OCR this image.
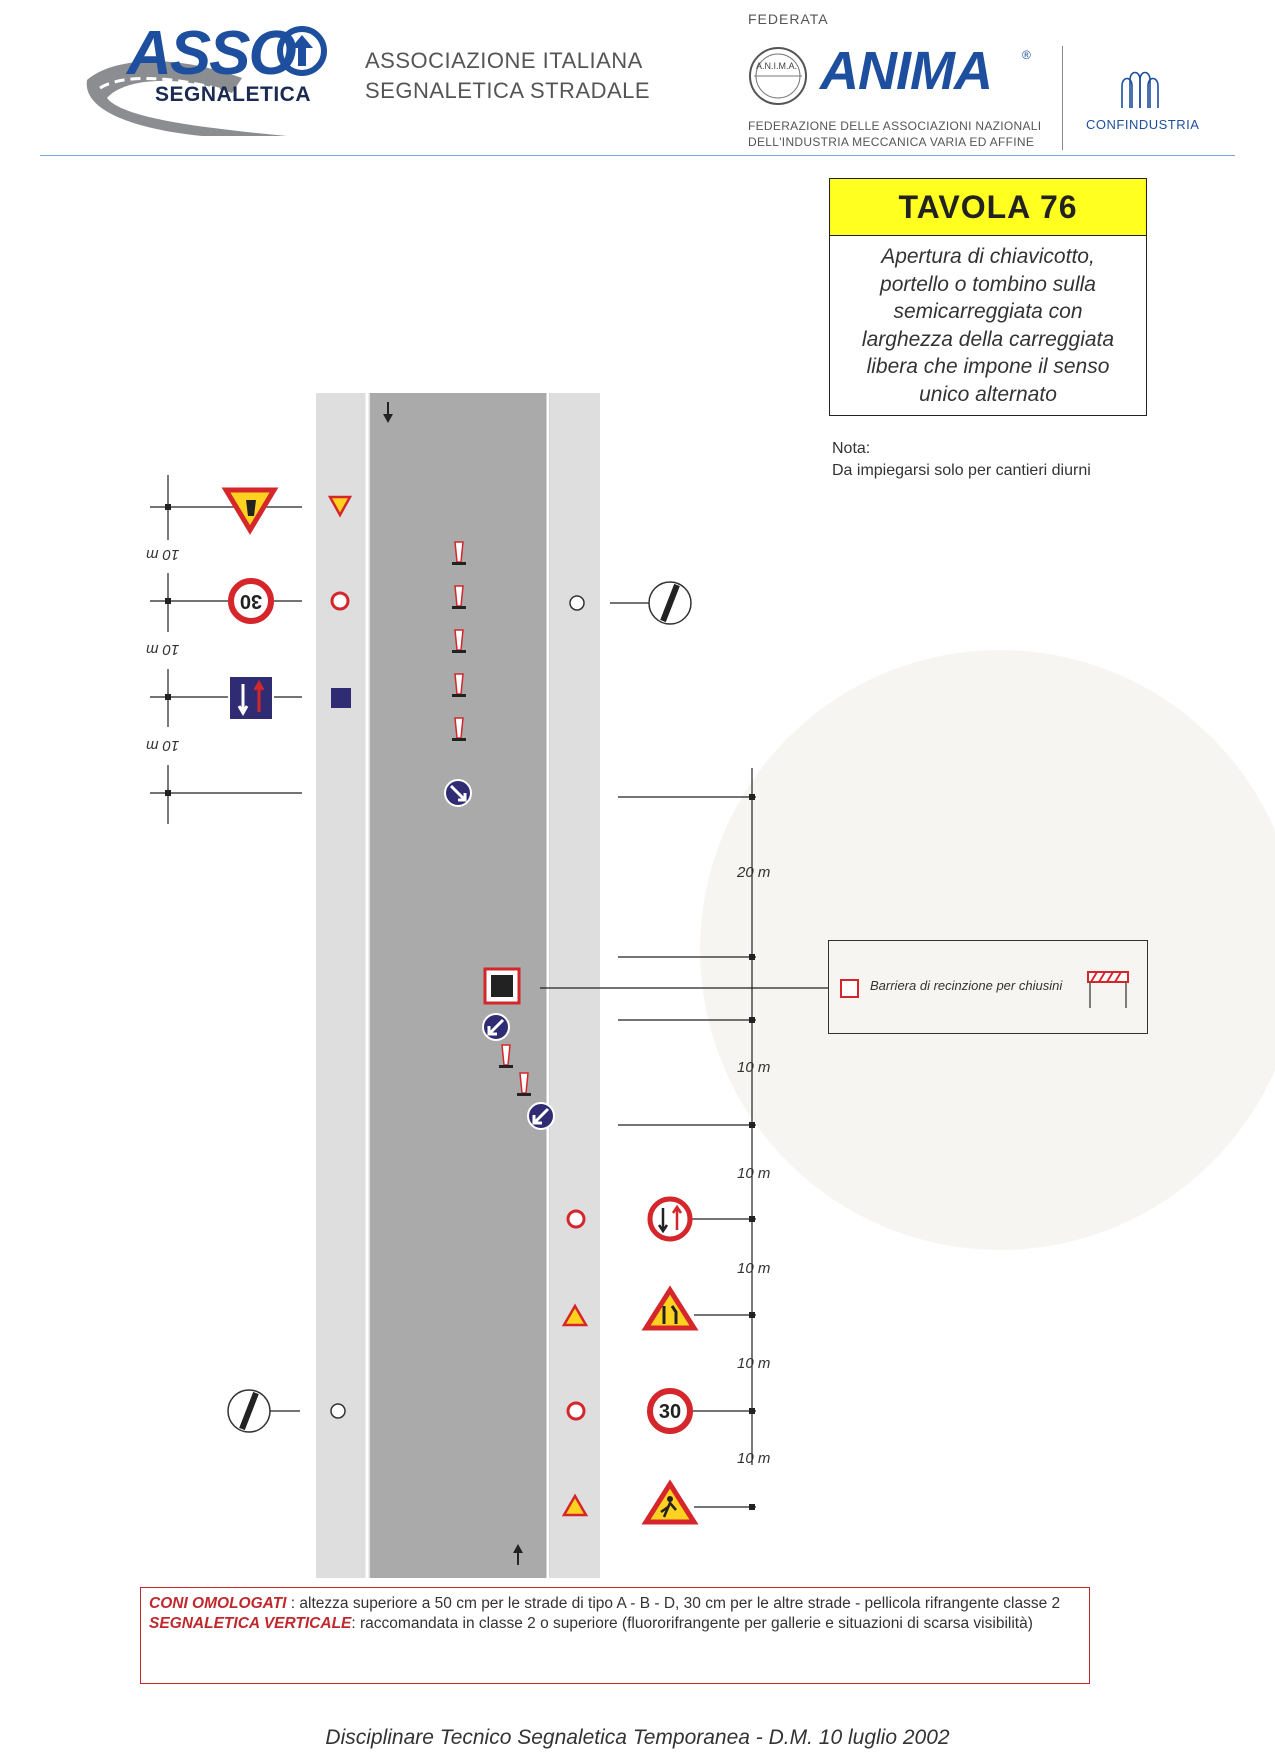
ASSO
SEGNALETICA
ASSOCIAZIONE ITALIANA
SEGNALETICA STRADALE
FEDERATA
A.N.I.M.A. ANIMA	®
FEDERAZIONE DELLE ASSOCIAZIONI NAZIONALI
DELL'INDUSTRIA MECCANICA VARIA ED AFFINE
CONFINDUSTRIA
TAVOLA 76
Apertura di chiavicotto,
portello o tombino sulla
semicarreggiata con
larghezza della carreggiata
libera che impone il senso
unico alternato
Nota:
Da impiegarsi solo per cantieri diurni
30
30
10 m
10 m
10 m
20 m
10 m
10 m
10 m
10 m
10 m
Barriera di recinzione per chiusini
CONI OMOLOGATI : altezza superiore a 50 cm per le strade di tipo A - B - D, 30 cm per le altre strade - pellicola rifrangente classe 2
SEGNALETICA VERTICALE: raccomandata in classe 2 o superiore (fluororifrangente per gallerie e situazioni di scarsa visibilità)
Disciplinare Tecnico Segnaletica Temporanea - D.M. 10 luglio 2002
